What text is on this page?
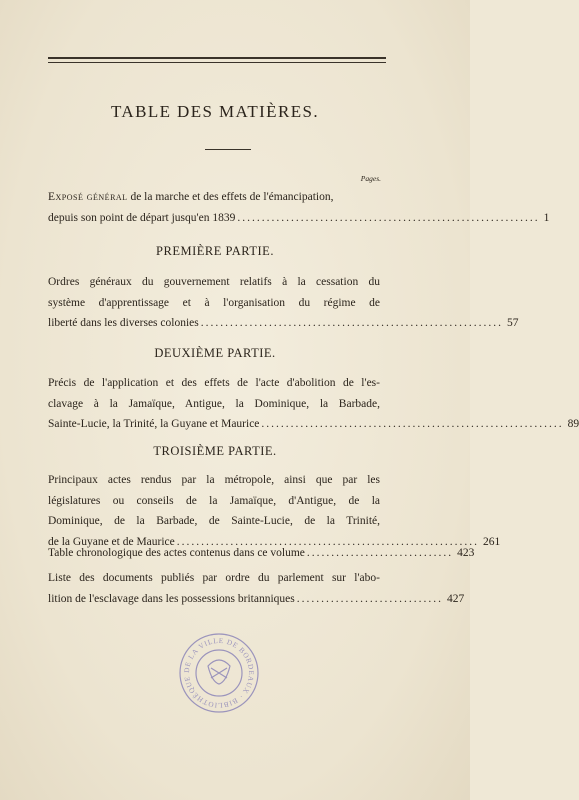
TABLE DES MATIÈRES.
Pages.
Exposé général de la marche et des effets de l'émancipation,
depuis son point de départ jusqu'en 1839 .............................................................. 1
PREMIÈRE PARTIE.
Ordres généraux du gouvernement relatifs à la cessation du
système d'apprentissage et à l'organisation du régime de
liberté dans les diverses colonies .............................................................. 57
DEUXIÈME PARTIE.
Précis de l'application et des effets de l'acte d'abolition de l'es-
clavage à la Jamaïque, Antigue, la Dominique, la Barbade,
Sainte-Lucie, la Trinité, la Guyane et Maurice .............................................................. 89
TROISIÈME PARTIE.
Principaux actes rendus par la métropole, ainsi que par les
législatures ou conseils de la Jamaïque, d'Antigue, de la
Dominique, de la Barbade, de Sainte-Lucie, de la Trinité,
de la Guyane et de Maurice .............................................................. 261
Table chronologique des actes contenus dans ce volume .............................. 423
Liste des documents publiés par ordre du parlement sur l'abo-
lition de l'esclavage dans les possessions britanniques .............................. 427
DE LA VILLE DE BORDEAUX · BIBLIOTHÈQUE
